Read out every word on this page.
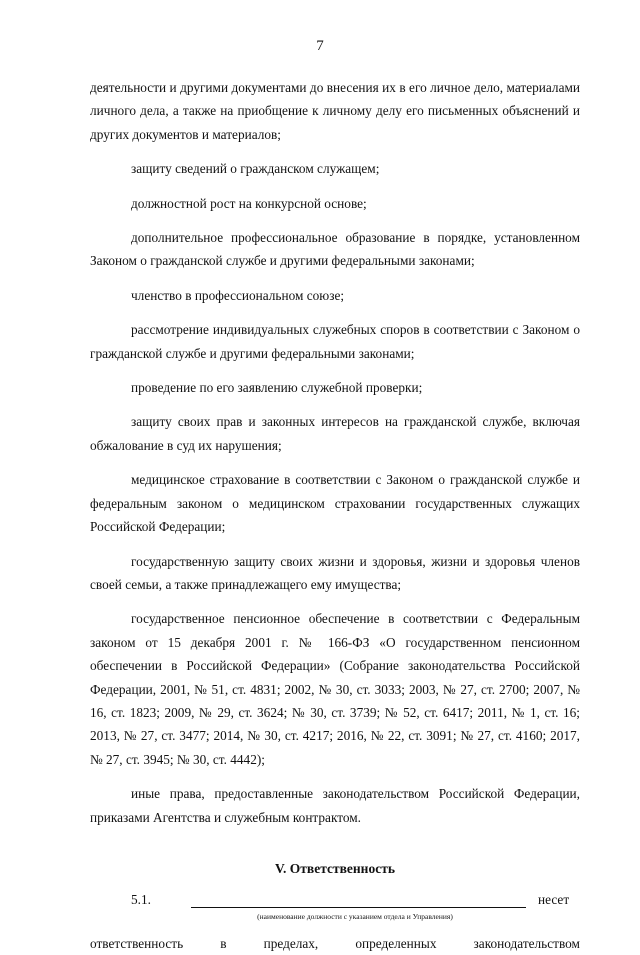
7

деятельности и другими документами до внесения их в его личное дело, материалами личного дела, а также на приобщение к личному делу его письменных объяснений и других документов и материалов;

защиту сведений о гражданском служащем;

должностной рост на конкурсной основе;

дополнительное профессиональное образование в порядке, установленном Законом о гражданской службе и другими федеральными законами;

членство в профессиональном союзе;

рассмотрение индивидуальных служебных споров в соответствии с Законом о гражданской службе и другими федеральными законами;

проведение по его заявлению служебной проверки;

защиту своих прав и законных интересов на гражданской службе, включая обжалование в суд их нарушения;

медицинское страхование в соответствии с Законом о гражданской службе и федеральным законом о медицинском страховании государственных служащих Российской Федерации;

государственную защиту своих жизни и здоровья, жизни и здоровья членов своей семьи, а также принадлежащего ему имущества;

государственное пенсионное обеспечение в соответствии с Федеральным законом от 15 декабря 2001 г. № 166-ФЗ «О государственном пенсионном обеспечении в Российской Федерации» (Собрание законодательства Российской Федерации, 2001, № 51, ст. 4831; 2002, № 30, ст. 3033; 2003, № 27, ст. 2700; 2007, № 16, ст. 1823; 2009, № 29, ст. 3624; № 30, ст. 3739; № 52, ст. 6417; 2011, № 1, ст. 16; 2013, № 27, ст. 3477; 2014, № 30, ст. 4217; 2016, № 22, ст. 3091; № 27, ст. 4160; 2017, № 27, ст. 3945; № 30, ст. 4442);

иные права, предоставленные законодательством Российской Федерации, приказами Агентства и служебным контрактом.

V. Ответственность
5.1.	несет
(наименование должности с указанием отдела и Управления)
ответственность	в	пределах,	определенных	законодательством
